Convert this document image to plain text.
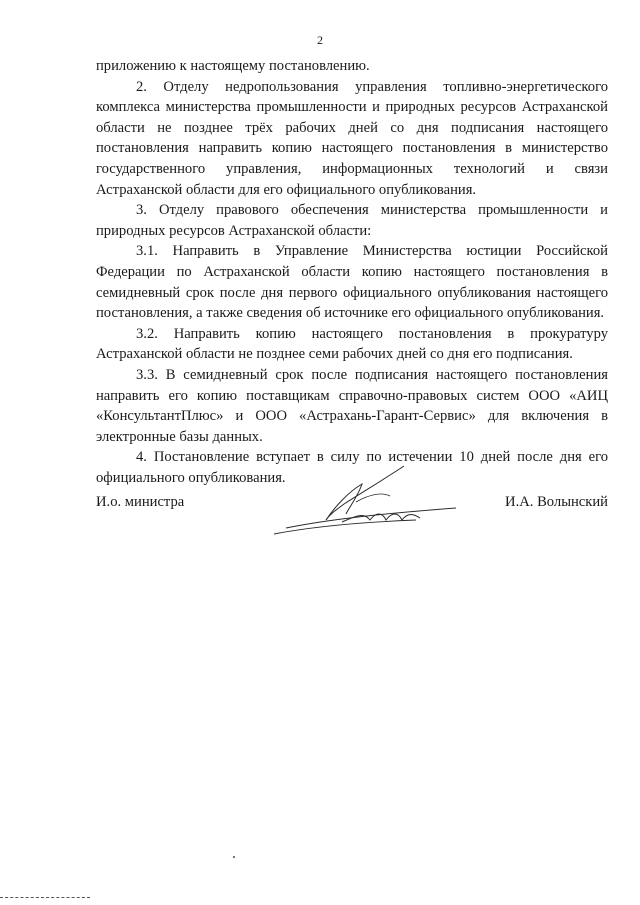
2

приложению к настоящему постановлению.

2. Отделу недропользования управления топливно-энергетического комплекса министерства промышленности и природных ресурсов Астраханской области не позднее трёх рабочих дней со дня подписания настоящего постановления направить копию настоящего постановления в министерство государственного управления, информационных технологий и связи Астраханской области для его официального опубликования.

3. Отделу правового обеспечения министерства промышленности и природных ресурсов Астраханской области:

3.1. Направить в Управление Министерства юстиции Российской Федерации по Астраханской области копию настоящего постановления в семидневный срок после дня первого официального опубликования настоящего постановления, а также сведения об источнике его официального опубликования.

3.2. Направить копию настоящего постановления в прокуратуру Астраханской области не позднее семи рабочих дней со дня его подписания.

3.3. В семидневный срок после подписания настоящего постановления направить его копию поставщикам справочно-правовых систем ООО «АИЦ «КонсультантПлюс» и ООО «Астрахань-Гарант-Сервис» для включения в электронные базы данных.

4. Постановление вступает в силу по истечении 10 дней после дня его официального опубликования.

И.о. министра	И.А. Волынский
